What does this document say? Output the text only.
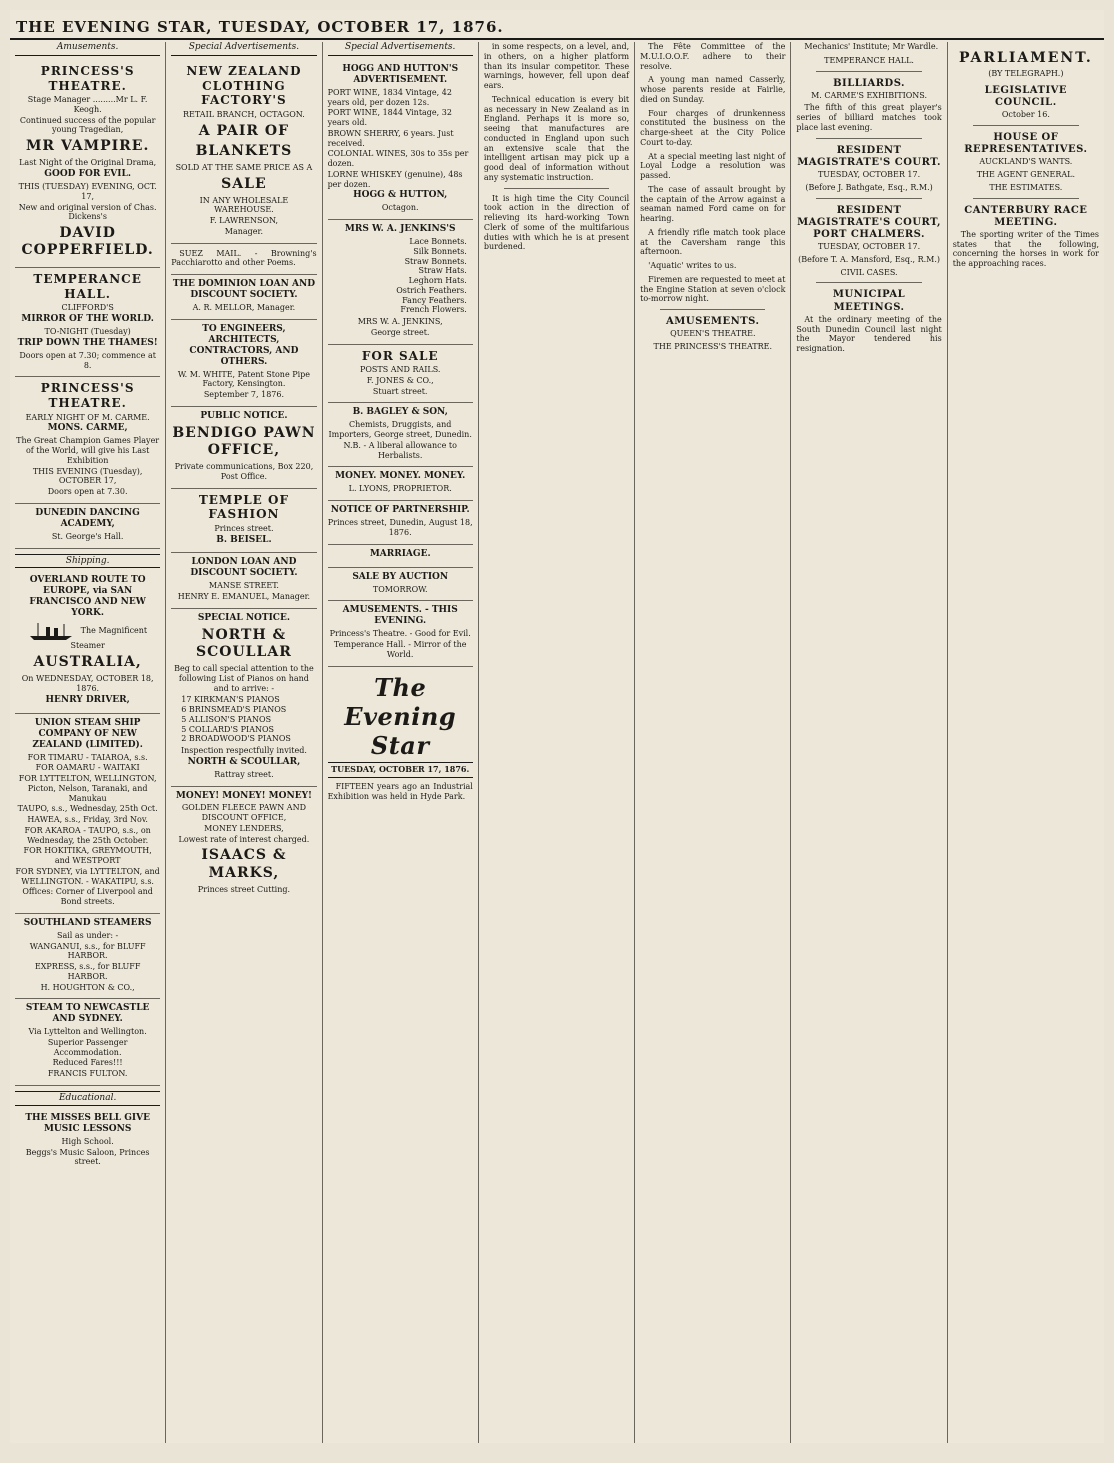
THE EVENING STAR, TUESDAY, OCTOBER 17, 1876.
Amusements.
PRINCESS'S THEATRE.

Stage Manager .........Mr L. F. Keogh.

Continued success of the popular young Tragedian,

MR VAMPIRE.

Last Night of the Original Drama,

GOOD FOR EVIL.

THIS (TUESDAY) EVENING, OCT. 17,

New and original version of Chas. Dickens's

DAVID COPPERFIELD.

TEMPERANCE HALL.

CLIFFORD'S

MIRROR OF THE WORLD.

TO-NIGHT (Tuesday)

TRIP DOWN THE THAMES!

Doors open at 7.30; commence at 8.

PRINCESS'S THEATRE.

EARLY NIGHT OF M. CARME.

MONS. CARME,

The Great Champion Games Player of the World, will give his Last Exhibition

THIS EVENING (Tuesday), OCTOBER 17,

Doors open at 7.30.

DUNEDIN DANCING ACADEMY,

St. George's Hall.

Shipping.
OVERLAND ROUTE TO EUROPE, via SAN FRANCISCO AND NEW YORK.

The Magnificent Steamer

AUSTRALIA,

On WEDNESDAY, OCTOBER 18, 1876.

HENRY DRIVER,
UNION STEAM SHIP COMPANY OF NEW ZEALAND (LIMITED).

FOR TIMARU - TAIAROA, s.s.

FOR OAMARU - WAITAKI

FOR LYTTELTON, WELLINGTON, Picton, Nelson, Taranaki, and Manukau

TAUPO, s.s., Wednesday, 25th Oct.

HAWEA, s.s., Friday, 3rd Nov.

FOR AKAROA - TAUPO, s.s., on Wednesday, the 25th October.

FOR HOKITIKA, GREYMOUTH, and WESTPORT

FOR SYDNEY, via LYTTELTON, and WELLINGTON. - WAKATIPU, s.s.

Offices: Corner of Liverpool and Bond streets.

SOUTHLAND STEAMERS

Sail as under: -

WANGANUI, s.s., for BLUFF HARBOR.

EXPRESS, s.s., for BLUFF HARBOR.

H. HOUGHTON & CO.,

STEAM TO NEWCASTLE AND SYDNEY.

Via Lyttelton and Wellington.

Superior Passenger Accommodation.

Reduced Fares!!!

FRANCIS FULTON.

Educational.
THE MISSES BELL GIVE MUSIC LESSONS

High School.

Beggs's Music Saloon, Princes street.

Special Advertisements.
NEW ZEALAND CLOTHING FACTORY'S

RETAIL BRANCH, OCTAGON.

A PAIR OF

BLANKETS

SOLD AT THE SAME PRICE AS A

SALE

IN ANY WHOLESALE WAREHOUSE.

F. LAWRENSON,

Manager.

SUEZ MAIL. - Browning's Pacchiarotto and other Poems.

THE DOMINION LOAN AND DISCOUNT SOCIETY.

A. R. MELLOR, Manager.

TO ENGINEERS, ARCHITECTS, CONTRACTORS, AND OTHERS.

W. M. WHITE, Patent Stone Pipe Factory, Kensington.

September 7, 1876.

PUBLIC NOTICE.

BENDIGO PAWN OFFICE,

Private communications, Box 220, Post Office.

TEMPLE OF FASHION

Princes street.

B. BEISEL.
LONDON LOAN AND DISCOUNT SOCIETY.

MANSE STREET.

HENRY E. EMANUEL, Manager.

SPECIAL NOTICE.

NORTH & SCOULLAR

Beg to call special attention to the following List of Pianos on hand and to arrive: -

17 KIRKMAN'S PIANOS
6 BRINSMEAD'S PIANOS
5 ALLISON'S PIANOS
5 COLLARD'S PIANOS
2 BROADWOOD'S PIANOS

Inspection respectfully invited.

NORTH & SCOULLAR,

Rattray street.

MONEY! MONEY! MONEY!

GOLDEN FLEECE PAWN AND DISCOUNT OFFICE,

MONEY LENDERS,

Lowest rate of interest charged.

ISAACS & MARKS,

Princes street Cutting.

Special Advertisements.
HOGG AND HUTTON'S ADVERTISEMENT.

PORT WINE, 1834 Vintage, 42 years old, per dozen 12s.

PORT WINE, 1844 Vintage, 32 years old.

BROWN SHERRY, 6 years. Just received.

COLONIAL WINES, 30s to 35s per dozen.

LORNE WHISKEY (genuine), 48s per dozen.

HOGG & HUTTON,

Octagon.

MRS W. A. JENKINS'S
Lace Bonnets.
Silk Bonnets.
Straw Bonnets.
Straw Hats.
Leghorn Hats.
Ostrich Feathers.
Fancy Feathers.
French Flowers.

MRS W. A. JENKINS,

George street.

FOR SALE

POSTS AND RAILS.

F. JONES & CO.,

Stuart street.

B. BAGLEY & SON,

Chemists, Druggists, and Importers, George street, Dunedin.

N.B. - A liberal allowance to Herbalists.

MONEY. MONEY. MONEY.

L. LYONS, PROPRIETOR.

NOTICE OF PARTNERSHIP.

Princes street, Dunedin, August 18, 1876.

MARRIAGE.
SALE BY AUCTION

TOMORROW.

AMUSEMENTS. - THIS EVENING.

Princess's Theatre. - Good for Evil.

Temperance Hall. - Mirror of the World.

The Evening Star
TUESDAY, OCTOBER 17, 1876.

FIFTEEN years ago an Industrial Exhibition was held in Hyde Park.

in some respects, on a level, and, in others, on a higher platform than its insular competitor. These warnings, however, fell upon deaf ears.

Technical education is every bit as necessary in New Zealand as in England. Perhaps it is more so, seeing that manufactures are conducted in England upon such an extensive scale that the intelligent artisan may pick up a good deal of information without any systematic instruction.

It is high time the City Council took action in the direction of relieving its hard-working Town Clerk of some of the multifarious duties with which he is at present burdened.

The Fête Committee of the M.U.I.O.O.F. adhere to their resolve.

A young man named Casserly, whose parents reside at Fairlie, died on Sunday.

Four charges of drunkenness constituted the business on the charge-sheet at the City Police Court to-day.

At a special meeting last night of Loyal Lodge a resolution was passed.

The case of assault brought by the captain of the Arrow against a seaman named Ford came on for hearing.

A friendly rifle match took place at the Caversham range this afternoon.

'Aquatic' writes to us.

Firemen are requested to meet at the Engine Station at seven o'clock to-morrow night.

AMUSEMENTS.
QUEEN'S THEATRE.
THE PRINCESS'S THEATRE.

Mechanics' Institute; Mr Wardle.

TEMPERANCE HALL.
BILLIARDS.
M. CARME'S EXHIBITIONS.

The fifth of this great player's series of billiard matches took place last evening.

RESIDENT MAGISTRATE'S COURT.
TUESDAY, OCTOBER 17.
(Before J. Bathgate, Esq., R.M.)
RESIDENT MAGISTRATE'S COURT, PORT CHALMERS.
TUESDAY, OCTOBER 17.
(Before T. A. Mansford, Esq., R.M.)
CIVIL CASES.
MUNICIPAL MEETINGS.

At the ordinary meeting of the South Dunedin Council last night the Mayor tendered his resignation.

PARLIAMENT.
(BY TELEGRAPH.)
LEGISLATIVE COUNCIL.
October 16.
HOUSE OF REPRESENTATIVES.
AUCKLAND'S WANTS.
THE AGENT GENERAL.
THE ESTIMATES.
CANTERBURY RACE MEETING.

The sporting writer of the Times states that the following, concerning the horses in work for the approaching races.
